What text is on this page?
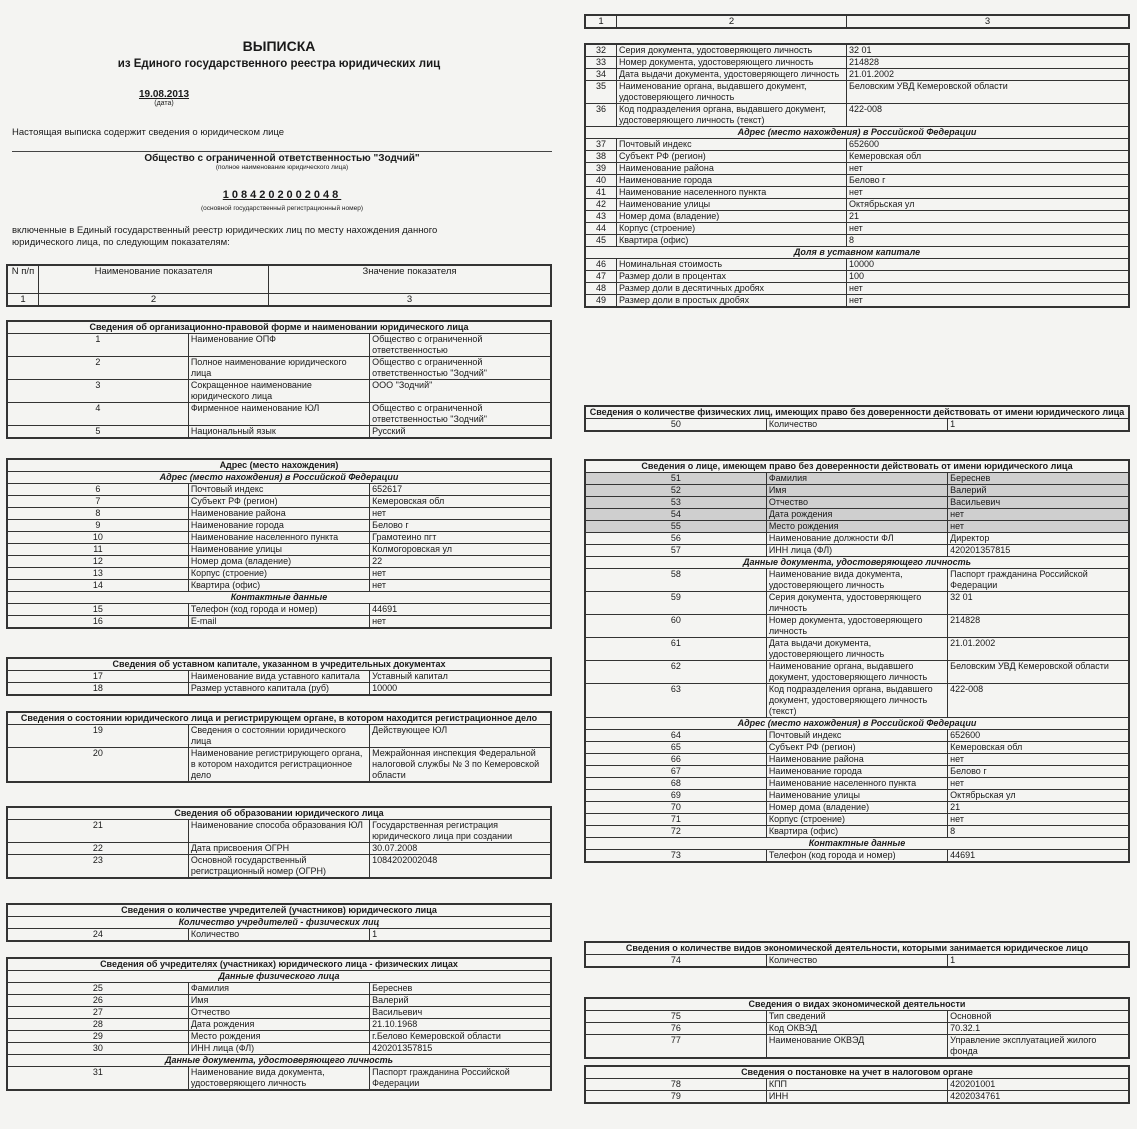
ВЫПИСКА
из Единого государственного реестра юридических лиц
19.08.2013
(дата)
Настоящая выписка содержит сведения о юридическом лице
Общество с ограниченной ответственностью "Зодчий"
(полное наименование юридического лица)
1084202002048
(основной государственный регистрационный номер)
включенные в Единый государственный реестр юридических лиц по месту нахождения данного юридического лица, по следующим показателям:
N п/п	Наименование показателя	Значение показателя
1	2	3
Сведения об организационно-правовой форме и наименовании юридического лица		
1	Наименование ОПФ	Общество с ограниченной ответственностью
2	Полное наименование юридического лица	Общество с ограниченной ответственностью "Зодчий"
3	Сокращенное наименование юридического лица	ООО "Зодчий"
4	Фирменное наименование ЮЛ	Общество с ограниченной ответственностью "Зодчий"
5	Национальный язык	Русский
Адрес (место нахождения)		
Адрес (место нахождения) в Российской Федерации		
6	Почтовый индекс	652617
7	Субъект РФ (регион)	Кемеровская обл
8	Наименование района	нет
9	Наименование города	Белово г
10	Наименование населенного пункта	Грамотеино пгт
11	Наименование улицы	Колмогоровская ул
12	Номер дома (владение)	22
13	Корпус (строение)	нет
14	Квартира (офис)	нет
Контактные данные		
15	Телефон (код города и номер)	44691
16	E-mail	нет
Сведения об уставном капитале, указанном в учредительных документах		
17	Наименование вида уставного капитала	Уставный капитал
18	Размер уставного капитала (руб)	10000
Сведения о состоянии юридического лица и регистрирующем органе, в котором находится регистрационное дело		
19	Сведения о состоянии юридического лица	Действующее ЮЛ
20	Наименование регистрирующего органа, в котором находится регистрационное дело	Межрайонная инспекция Федеральной налоговой службы № 3 по Кемеровской области
Сведения об образовании юридического лица		
21	Наименование способа образования ЮЛ	Государственная регистрация юридического лица при создании
22	Дата присвоения ОГРН	30.07.2008
23	Основной государственный регистрационный номер (ОГРН)	1084202002048
Сведения о количестве учредителей (участников) юридического лица
Количество учредителей - физических лиц
24	Количество	1
Сведения об учредителях (участниках) юридического лица - физических лицах		
Данные физического лица		
25	Фамилия	Береснев
26	Имя	Валерий
27	Отчество	Васильевич
28	Дата рождения	21.10.1968
29	Место рождения	г.Белово Кемеровской области
30	ИНН лица (ФЛ)	420201357815
Данные документа, удостоверяющего личность		
31	Наименование вида документа, удостоверяющего личность	Паспорт гражданина Российской Федерации
1	2	3
32	Серия документа, удостоверяющего личность	32 01
33	Номер документа, удостоверяющего личность	214828
34	Дата выдачи документа, удостоверяющего личность	21.01.2002
35	Наименование органа, выдавшего документ, удостоверяющего личность	Беловским УВД Кемеровской области
36	Код подразделения органа, выдавшего документ, удостоверяющего личность (текст)	422-008
Адрес (место нахождения) в Российской Федерации		
37	Почтовый индекс	652600
38	Субъект РФ (регион)	Кемеровская обл
39	Наименование района	нет
40	Наименование города	Белово г
41	Наименование населенного пункта	нет
42	Наименование улицы	Октябрьская ул
43	Номер дома (владение)	21
44	Корпус (строение)	нет
45	Квартира (офис)	8
Доля в уставном капитале		
46	Номинальная стоимость	10000
47	Размер доли в процентах	100
48	Размер доли в десятичных дробях	нет
49	Размер доли в простых дробях	нет
Сведения о количестве физических лиц, имеющих право без доверенности действовать от имени юридического лица
50	Количество	1
Сведения о лице, имеющем право без доверенности действовать от имени юридического лица		
51	Фамилия	Береснев
52	Имя	Валерий
53	Отчество	Васильевич
54	Дата рождения	нет
55	Место рождения	нет
56	Наименование должности ФЛ	Директор
57	ИНН лица (ФЛ)	420201357815
Данные документа, удостоверяющего личность		
58	Наименование вида документа, удостоверяющего личность	Паспорт гражданина Российской Федерации
59	Серия документа, удостоверяющего личность	32 01
60	Номер документа, удостоверяющего личность	214828
61	Дата выдачи документа, удостоверяющего личность	21.01.2002
62	Наименование органа, выдавшего документ, удостоверяющего личность	Беловским УВД Кемеровской области
63	Код подразделения органа, выдавшего документ, удостоверяющего личность (текст)	422-008
Адрес (место нахождения) в Российской Федерации		
64	Почтовый индекс	652600
65	Субъект РФ (регион)	Кемеровская обл
66	Наименование района	нет
67	Наименование города	Белово г
68	Наименование населенного пункта	нет
69	Наименование улицы	Октябрьская ул
70	Номер дома (владение)	21
71	Корпус (строение)	нет
72	Квартира (офис)	8
Контактные данные		
73	Телефон (код города и номер)	44691
Сведения о количестве видов экономической деятельности, которыми занимается юридическое лицо
74	Количество	1
Сведения о видах экономической деятельности		
75	Тип сведений	Основной
76	Код ОКВЭД	70.32.1
77	Наименование ОКВЭД	Управление эксплуатацией жилого фонда
Сведения о постановке на учет в налоговом органе		
78	КПП	420201001
79	ИНН	4202034761
